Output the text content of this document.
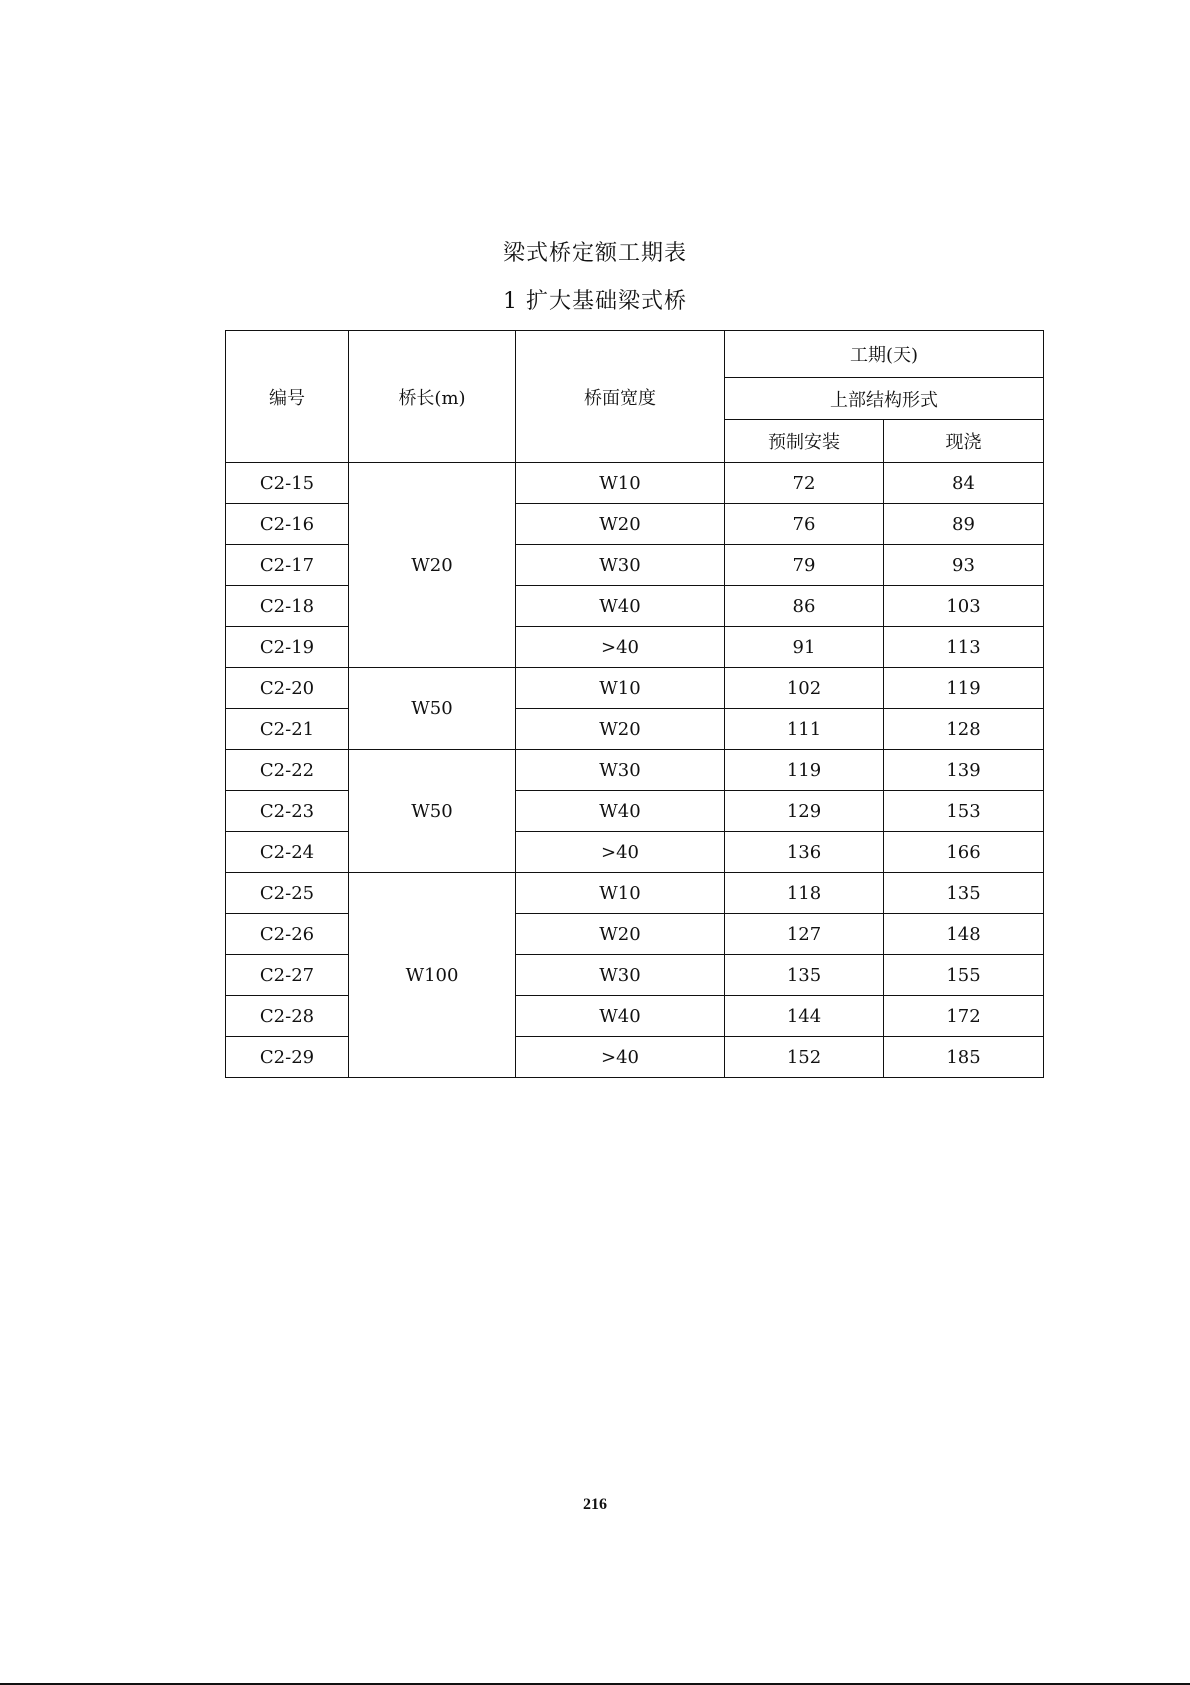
梁式桥定额工期表
1 扩大基础梁式桥
编号	桥长(m)	桥面宽度	工期(天)	
			上部结构形式	
			预制安装	现浇
C2-15	W20	W10	72	84
C2-16		W20	76	89
C2-17		W30	79	93
C2-18		W40	86	103
C2-19		>40	91	113
C2-20	W50	W10	102	119
C2-21		W20	111	128
C2-22	W50	W30	119	139
C2-23		W40	129	153
C2-24		>40	136	166
C2-25	W100	W10	118	135
C2-26		W20	127	148
C2-27		W30	135	155
C2-28		W40	144	172
C2-29		>40	152	185
216
